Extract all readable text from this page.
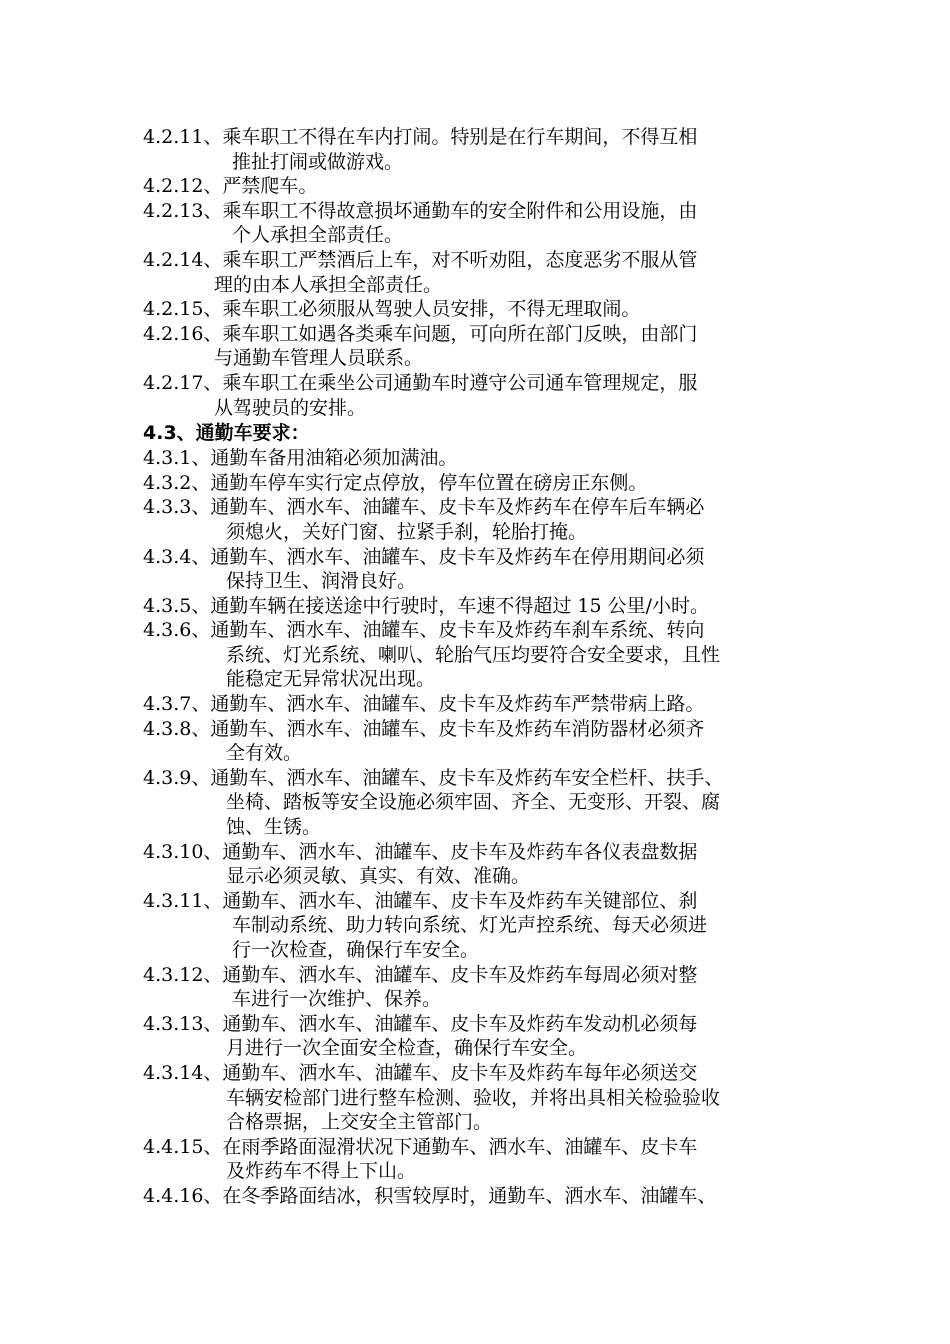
4.2.11、乘车职工不得在车内打闹。特别是在行车期间，不得互相
推扯打闹或做游戏。
4.2.12、严禁爬车。
4.2.13、乘车职工不得故意损坏通勤车的安全附件和公用设施，由
个人承担全部责任。
4.2.14、乘车职工严禁酒后上车，对不听劝阻，态度恶劣不服从管
理的由本人承担全部责任。
4.2.15、乘车职工必须服从驾驶人员安排，不得无理取闹。
4.2.16、乘车职工如遇各类乘车问题，可向所在部门反映，由部门
与通勤车管理人员联系。
4.2.17、乘车职工在乘坐公司通勤车时遵守公司通车管理规定，服
从驾驶员的安排。
4.3、通勤车要求：
4.3.1、通勤车备用油箱必须加满油。
4.3.2、通勤车停车实行定点停放，停车位置在磅房正东侧。
4.3.3、通勤车、洒水车、油罐车、皮卡车及炸药车在停车后车辆必
须熄火，关好门窗、拉紧手刹，轮胎打掩。
4.3.4、通勤车、洒水车、油罐车、皮卡车及炸药车在停用期间必须
保持卫生、润滑良好。
4.3.5、通勤车辆在接送途中行驶时，车速不得超过 15 公里/小时。
4.3.6、通勤车、洒水车、油罐车、皮卡车及炸药车刹车系统、转向
系统、灯光系统、喇叭、轮胎气压均要符合安全要求，且性
能稳定无异常状况出现。
4.3.7、通勤车、洒水车、油罐车、皮卡车及炸药车严禁带病上路。
4.3.8、通勤车、洒水车、油罐车、皮卡车及炸药车消防器材必须齐
全有效。
4.3.9、通勤车、洒水车、油罐车、皮卡车及炸药车安全栏杆、扶手、
坐椅、踏板等安全设施必须牢固、齐全、无变形、开裂、腐
蚀、生锈。
4.3.10、通勤车、洒水车、油罐车、皮卡车及炸药车各仪表盘数据
显示必须灵敏、真实、有效、准确。
4.3.11、通勤车、洒水车、油罐车、皮卡车及炸药车关键部位、刹
车制动系统、助力转向系统、灯光声控系统、每天必须进
行一次检查，确保行车安全。
4.3.12、通勤车、洒水车、油罐车、皮卡车及炸药车每周必须对整
车进行一次维护、保养。
4.3.13、通勤车、洒水车、油罐车、皮卡车及炸药车发动机必须每
月进行一次全面安全检查，确保行车安全。
4.3.14、通勤车、洒水车、油罐车、皮卡车及炸药车每年必须送交
车辆安检部门进行整车检测、验收，并将出具相关检验验收
合格票据，上交安全主管部门。
4.4.15、在雨季路面湿滑状况下通勤车、洒水车、油罐车、皮卡车
及炸药车不得上下山。
4.4.16、在冬季路面结冰，积雪较厚时，通勤车、洒水车、油罐车、
